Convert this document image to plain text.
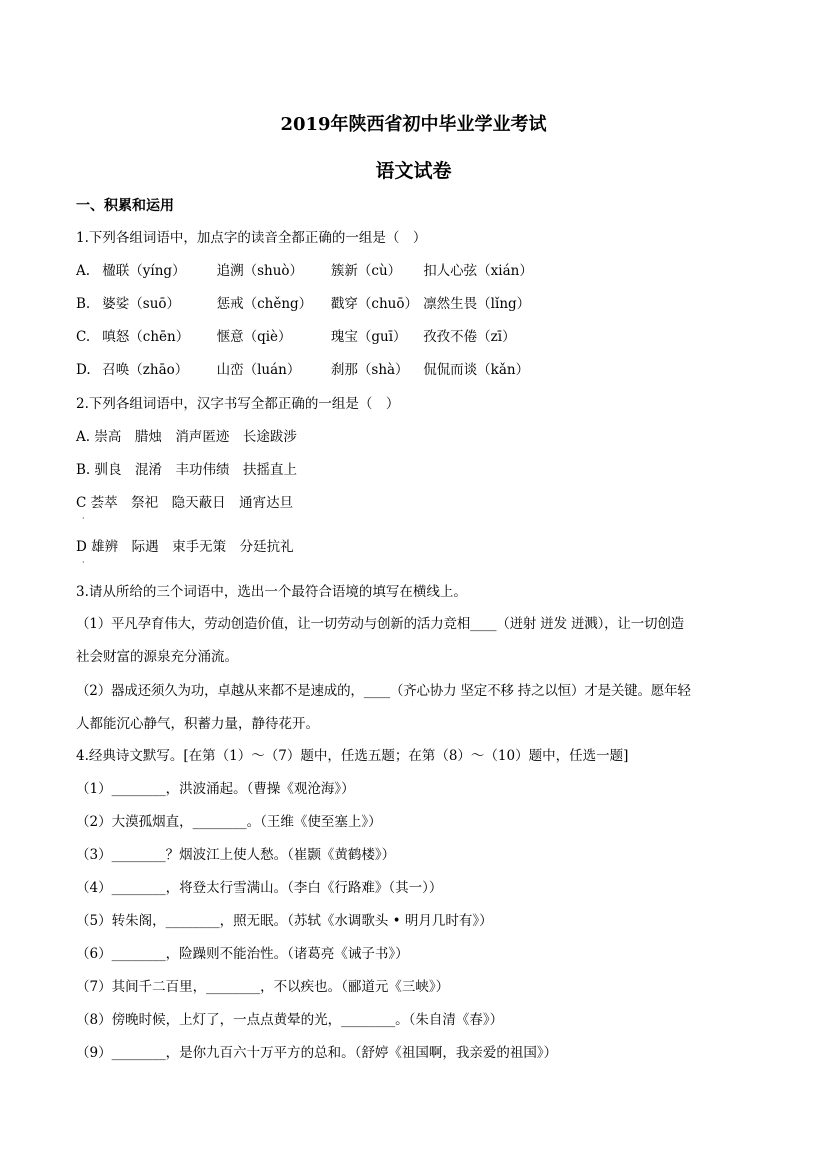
2019年陕西省初中毕业学业考试
语文试卷
一、积累和运用
1.下列各组词语中，加点字的读音全都正确的一组是（　）
A. 楹联（yíng） 追溯（shuò） 簇新（cù） 扣人心弦（xián）
B. 婆娑（suō）	惩戒（chěng） 戳穿（chuō） 凛然生畏（lǐng）
C. 嗔怒（chēn） 惬意（qiè）	瑰宝（guī） 孜孜不倦（zī）
D. 召唤（zhāo） 山峦（luán） 刹那（shà） 侃侃而谈（kǎn）
2.下列各组词语中，汉字书写全都正确的一组是（　）
A. 崇高　腊烛　消声匿迹　长途跋涉
B. 驯良　混淆　丰功伟绩　扶摇直上
C 荟萃　祭祀　隐天蔽日　通宵达旦
·
D 雄辨　际遇　束手无策　分廷抗礼
·
3.请从所给的三个词语中，选出一个最符合语境的填写在横线上。
（1）平凡孕育伟大，劳动创造价值，让一切劳动与创新的活力竞相____（迸射 迸发 迸溅），让一切创造
社会财富的源泉充分涌流。
（2）器成还须久为功，卓越从来都不是速成的，____（齐心协力 坚定不移 持之以恒）才是关键。愿年轻
人都能沉心静气，积蓄力量，静待花开。
4.经典诗文默写。[在第（1）～（7）题中，任选五题；在第（8）～（10）题中，任选一题]
（1）________，洪波涌起。（曹操《观沧海》）
（2）大漠孤烟直，________。（王维《使至塞上》）
（3）________？烟波江上使人愁。（崔颢《黄鹤楼》）
（4）________，将登太行雪满山。（李白《行路难》（其一））
（5）转朱阁，________，照无眠。（苏轼《水调歌头 • 明月几时有》）
（6）________，险躁则不能治性。（诸葛亮《诫子书》）
（7）其间千二百里，________，不以疾也。（郦道元《三峡》）
（8）傍晚时候，上灯了，一点点黄晕的光，________。（朱自清《春》）
（9）________，是你九百六十万平方的总和。（舒婷《祖国啊，我亲爱的祖国》）
